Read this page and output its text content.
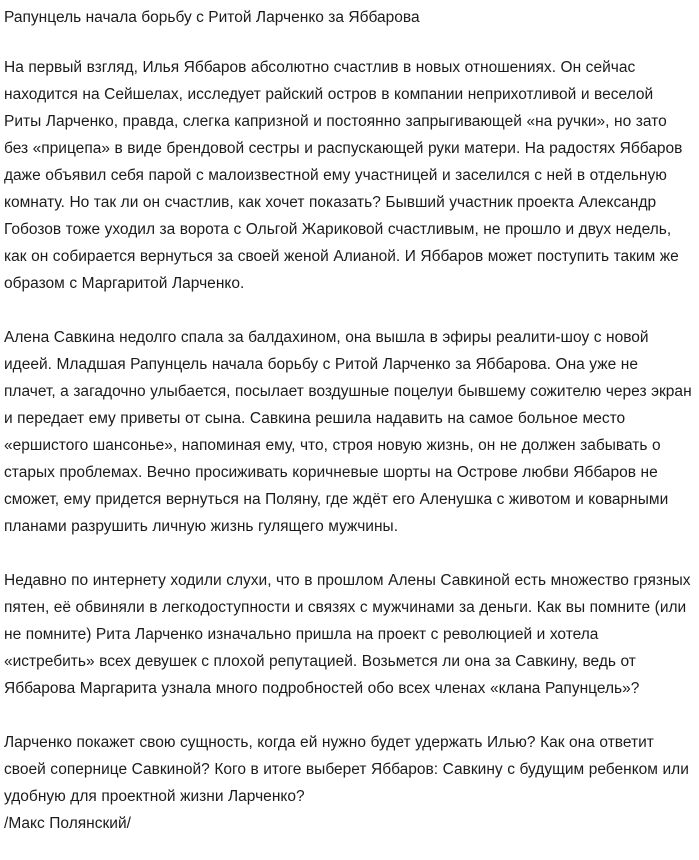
Рапунцель начала борьбу с Ритой Ларченко за Яббарова

На первый взгляд, Илья Яббаров абсолютно счастлив в новых отношениях. Он сейчас находится на Сейшелах, исследует райский остров в компании неприхотливой и веселой Риты Ларченко, правда, слегка капризной и постоянно запрыгивающей «на ручки», но зато без «прицепа» в виде брендовой сестры и распускающей руки матери. На радостях Яббаров даже объявил себя парой с малоизвестной ему участницей и заселился с ней в отдельную комнату. Но так ли он счастлив, как хочет показать? Бывший участник проекта Александр Гобозов тоже уходил за ворота с Ольгой Жариковой счастливым, не прошло и двух недель, как он собирается вернуться за своей женой Алианой. И Яббаров может поступить таким же образом с Маргаритой Ларченко.

Алена Савкина недолго спала за балдахином, она вышла в эфиры реалити-шоу с новой идеей. Младшая Рапунцель начала борьбу с Ритой Ларченко за Яббарова. Она уже не плачет, а загадочно улыбается, посылает воздушные поцелуи бывшему сожителю через экран и передает ему приветы от сына. Савкина решила надавить на самое больное место «ершистого шансонье», напоминая ему, что, строя новую жизнь, он не должен забывать о старых проблемах. Вечно просиживать коричневые шорты на Острове любви Яббаров не сможет, ему придется вернуться на Поляну, где ждёт его Аленушка с животом и коварными планами разрушить личную жизнь гулящего мужчины.

Недавно по интернету ходили слухи, что в прошлом Алены Савкиной есть множество грязных пятен, её обвиняли в легкодоступности и связях с мужчинами за деньги. Как вы помните (или не помните) Рита Ларченко изначально пришла на проект с революцией и хотела «истребить» всех девушек с плохой репутацией. Возьметcя ли она за Савкину, ведь от Яббарова Маргарита узнала много подробностей обо всех членах «клана Рапунцель»?

Ларченко покажет свою сущность, когда ей нужно будет удержать Илью? Как она ответит своей сопернице Савкиной? Кого в итоге выберет Яббаров: Савкину с будущим ребенком или удобную для проектной жизни Ларченко?

/Макс Полянский/
